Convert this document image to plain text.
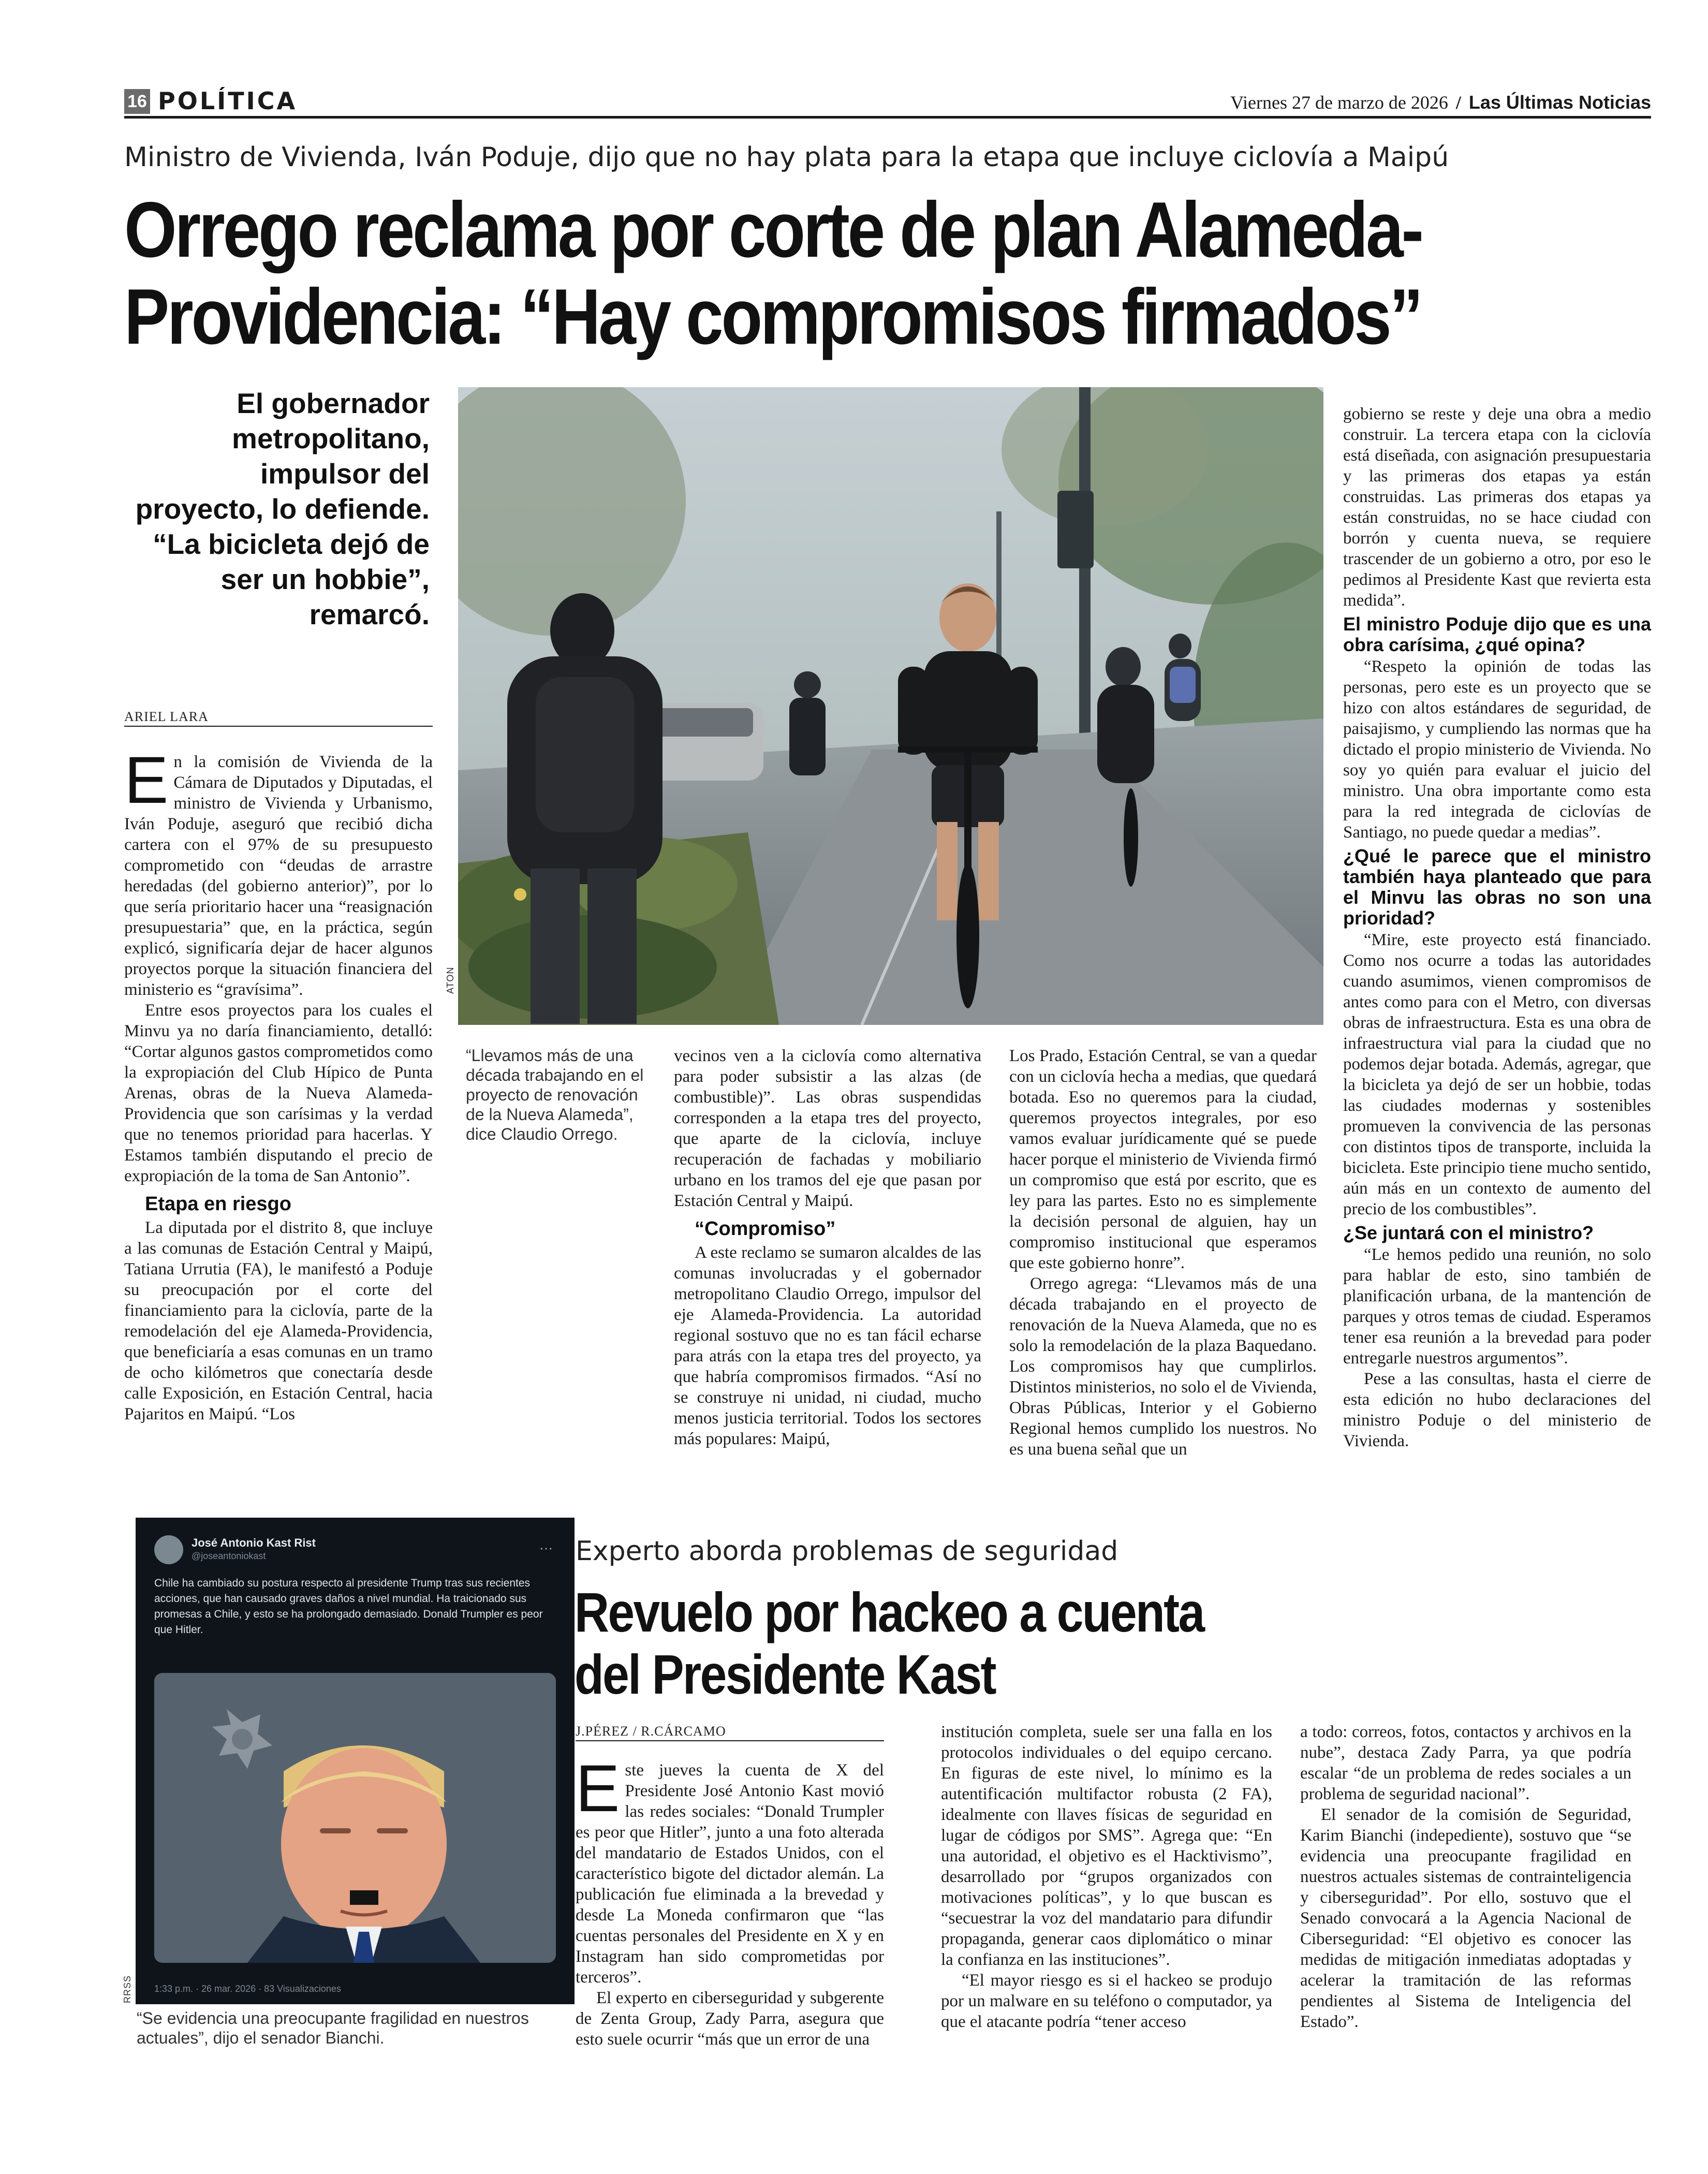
16 POLÍTICA	Viernes 27 de marzo de 2026 / Las Últimas Noticias
Ministro de Vivienda, Iván Poduje, dijo que no hay plata para la etapa que incluye ciclovía a Maipú
Orrego reclama por corte de plan Alameda-
Providencia: “Hay compromisos firmados”
El gobernador metropolitano, impulsor del proyecto, lo defiende. “La bicicleta dejó de ser un hobbie”, remarcó.
ARIEL LARA
ATON
“Llevamos más de una década trabajando en el proyecto de renovación de la Nueva Alameda”, dice Claudio Orrego.

En la comisión de Vivienda de la Cámara de Diputados y Diputadas, el ministro de Vivienda y Urbanismo, Iván Poduje, aseguró que recibió dicha cartera con el 97% de su presupuesto comprometido con “deudas de arrastre heredadas (del gobierno anterior)”, por lo que sería prioritario hacer una “reasignación presupuestaria” que, en la práctica, según explicó, significaría dejar de hacer algunos proyectos porque la situación financiera del ministerio es “gravísima”.

Entre esos proyectos para los cuales el Minvu ya no daría financiamiento, detalló: “Cortar algunos gastos comprometidos como la expropiación del Club Hípico de Punta Arenas, obras de la Nueva Alameda-Providencia que son carísimas y la verdad que no tenemos prioridad para hacerlas. Y Estamos también disputando el precio de expropiación de la toma de San Antonio”.

Etapa en riesgo

La diputada por el distrito 8, que incluye a las comunas de Estación Central y Maipú, Tatiana Urrutia (FA), le manifestó a Poduje su preocupación por el corte del financiamiento para la ciclovía, parte de la remodelación del eje Alameda-Providencia, que beneficiaría a esas comunas en un tramo de ocho kilómetros que conectaría desde calle Exposición, en Estación Central, hacia Pajaritos en Maipú. “Los

vecinos ven a la ciclovía como alternativa para poder subsistir a las alzas (de combustible)”. Las obras suspendidas corresponden a la etapa tres del proyecto, que aparte de la ciclovía, incluye recuperación de fachadas y mobiliario urbano en los tramos del eje que pasan por Estación Central y Maipú.

“Compromiso”

A este reclamo se sumaron alcaldes de las comunas involucradas y el gobernador metropolitano Claudio Orrego, impulsor del eje Alameda-Providencia. La autoridad regional sostuvo que no es tan fácil echarse para atrás con la etapa tres del proyecto, ya que habría compromisos firmados. “Así no se construye ni unidad, ni ciudad, mucho menos justicia territorial. Todos los sectores más populares: Maipú,

Los Prado, Estación Central, se van a quedar con un ciclovía hecha a medias, que quedará botada. Eso no queremos para la ciudad, queremos proyectos integrales, por eso vamos evaluar jurídicamente qué se puede hacer porque el ministerio de Vivienda firmó un compromiso que está por escrito, que es ley para las partes. Esto no es simplemente la decisión personal de alguien, hay un compromiso institucional que esperamos que este gobierno honre”.

Orrego agrega: “Llevamos más de una década trabajando en el proyecto de renovación de la Nueva Alameda, que no es solo la remodelación de la plaza Baquedano. Los compromisos hay que cumplirlos. Distintos ministerios, no solo el de Vivienda, Obras Públicas, Interior y el Gobierno Regional hemos cumplido los nuestros. No es una buena señal que un

gobierno se reste y deje una obra a medio construir. La tercera etapa con la ciclovía está diseñada, con asignación presupuestaria y las primeras dos etapas ya están construidas. Las primeras dos etapas ya están construidas, no se hace ciudad con borrón y cuenta nueva, se requiere trascender de un gobierno a otro, por eso le pedimos al Presidente Kast que revierta esta medida”.

El ministro Poduje dijo que es una obra carísima, ¿qué opina?

“Respeto la opinión de todas las personas, pero este es un proyecto que se hizo con altos estándares de seguridad, de paisajismo, y cumpliendo las normas que ha dictado el propio ministerio de Vivienda. No soy yo quién para evaluar el juicio del ministro. Una obra importante como esta para la red integrada de ciclovías de Santiago, no puede quedar a medias”.

¿Qué le parece que el ministro también haya planteado que para el Minvu las obras no son una prioridad?

“Mire, este proyecto está financiado. Como nos ocurre a todas las autoridades cuando asumimos, vienen compromisos de antes como para con el Metro, con diversas obras de infraestructura. Esta es una obra de infraestructura vial para la ciudad que no podemos dejar botada. Además, agregar, que la bicicleta ya dejó de ser un hobbie, todas las ciudades modernas y sostenibles promueven la convivencia de las personas con distintos tipos de transporte, incluida la bicicleta. Este principio tiene mucho sentido, aún más en un contexto de aumento del precio de los combustibles”.

¿Se juntará con el ministro?

“Le hemos pedido una reunión, no solo para hablar de esto, sino también de planificación urbana, de la mantención de parques y otros temas de ciudad. Esperamos tener esa reunión a la brevedad para poder entregarle nuestros argumentos”.

Pese a las consultas, hasta el cierre de esta edición no hubo declaraciones del ministro Poduje o del ministerio de Vivienda.

José Antonio Kast Rist
@joseantoniokast	⋯
Chile ha cambiado su postura respecto al presidente Trump tras sus recientes acciones, que han causado graves daños a nivel mundial. Ha traicionado sus promesas a Chile, y esto se ha prolongado demasiado. Donald Trumpler es peor que Hitler.
1:33 p.m. · 26 mar. 2026 · 83 Visualizaciones
RRSS
“Se evidencia una preocupante fragilidad en nuestros actuales”, dijo el senador Bianchi.
Experto aborda problemas de seguridad
Revuelo por hackeo a cuenta
del Presidente Kast
J.PÉREZ / R.CÁRCAMO

Este jueves la cuenta de X del Presidente José Antonio Kast movió las redes sociales: “Donald Trumpler es peor que Hitler”, junto a una foto alterada del mandatario de Estados Unidos, con el característico bigote del dictador alemán. La publicación fue eliminada a la brevedad y desde La Moneda confirmaron que “las cuentas personales del Presidente en X y en Instagram han sido comprometidas por terceros”.

El experto en ciberseguridad y subgerente de Zenta Group, Zady Parra, asegura que esto suele ocurrir “más que un error de una

institución completa, suele ser una falla en los protocolos individuales o del equipo cercano. En figuras de este nivel, lo mínimo es la autentificación multifactor robusta (2 FA), idealmente con llaves físicas de seguridad en lugar de códigos por SMS”. Agrega que: “En una autoridad, el objetivo es el Hacktivismo”, desarrollado por “grupos organizados con motivaciones políticas”, y lo que buscan es “secuestrar la voz del mandatario para difundir propaganda, generar caos diplomático o minar la confianza en las instituciones”.

“El mayor riesgo es si el hackeo se produjo por un malware en su teléfono o computador, ya que el atacante podría “tener acceso

a todo: correos, fotos, contactos y archivos en la nube”, destaca Zady Parra, ya que podría escalar “de un problema de redes sociales a un problema de seguridad nacional”.

El senador de la comisión de Seguridad, Karim Bianchi (indepediente), sostuvo que “se evidencia una preocupante fragilidad en nuestros actuales sistemas de contrainteligencia y ciberseguridad”. Por ello, sostuvo que el Senado convocará a la Agencia Nacional de Ciberseguridad: “El objetivo es conocer las medidas de mitigación inmediatas adoptadas y acelerar la tramitación de las reformas pendientes al Sistema de Inteligencia del Estado”.
